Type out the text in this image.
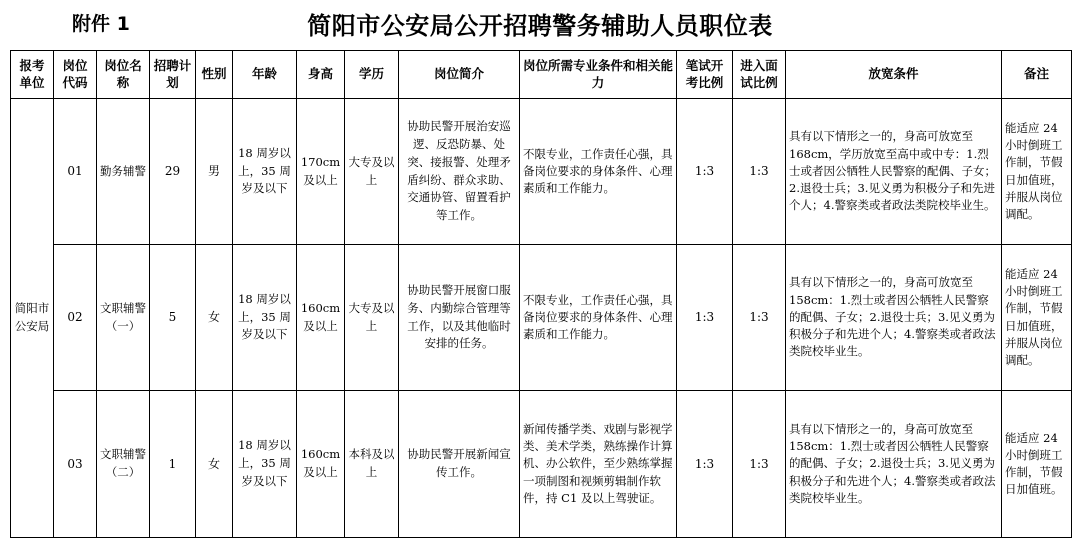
附件 1	简阳市公安局公开招聘警务辅助人员职位表
报考单位	岗位代码	岗位名称	招聘计划	性别	年龄	身高	学历	岗位简介	岗位所需专业条件和相关能力	笔试开考比例	进入面试比例	放宽条件	备注
简阳市公安局	01	勤务辅警	29	男	18 周岁以上，35 周岁及以下	170cm 及以上	大专及以上	协助民警开展治安巡逻、反恐防暴、处突、接报警、处理矛盾纠纷、群众求助、交通协管、留置看护等工作。	不限专业，工作责任心强，具备岗位要求的身体条件、心理素质和工作能力。	1:3	1:3	具有以下情形之一的，身高可放宽至168cm，学历放宽至高中或中专：1.烈士或者因公牺牲人民警察的配偶、子女；2.退役士兵；3.见义勇为积极分子和先进个人；4.警察类或者政法类院校毕业生。	能适应 24 小时倒班工作制，节假日加值班，并服从岗位调配。
	02	文职辅警（一）	5	女	18 周岁以上，35 周岁及以下	160cm 及以上	大专及以上	协助民警开展窗口服务、内勤综合管理等工作，以及其他临时安排的任务。	不限专业，工作责任心强，具备岗位要求的身体条件、心理素质和工作能力。	1:3	1:3	具有以下情形之一的，身高可放宽至158cm：1.烈士或者因公牺牲人民警察的配偶、子女；2.退役士兵；3.见义勇为积极分子和先进个人；4.警察类或者政法类院校毕业生。	能适应 24 小时倒班工作制，节假日加值班，并服从岗位调配。
	03	文职辅警（二）	1	女	18 周岁以上，35 周岁及以下	160cm 及以上	本科及以上	协助民警开展新闻宣传工作。	新闻传播学类、戏剧与影视学类、美术学类，熟练操作计算机、办公软件，至少熟练掌握一项制图和视频剪辑制作软件，持 C1 及以上驾驶证。	1:3	1:3	具有以下情形之一的，身高可放宽至158cm：1.烈士或者因公牺牲人民警察的配偶、子女；2.退役士兵；3.见义勇为积极分子和先进个人；4.警察类或者政法类院校毕业生。	能适应 24 小时倒班工作制，节假日加值班。
